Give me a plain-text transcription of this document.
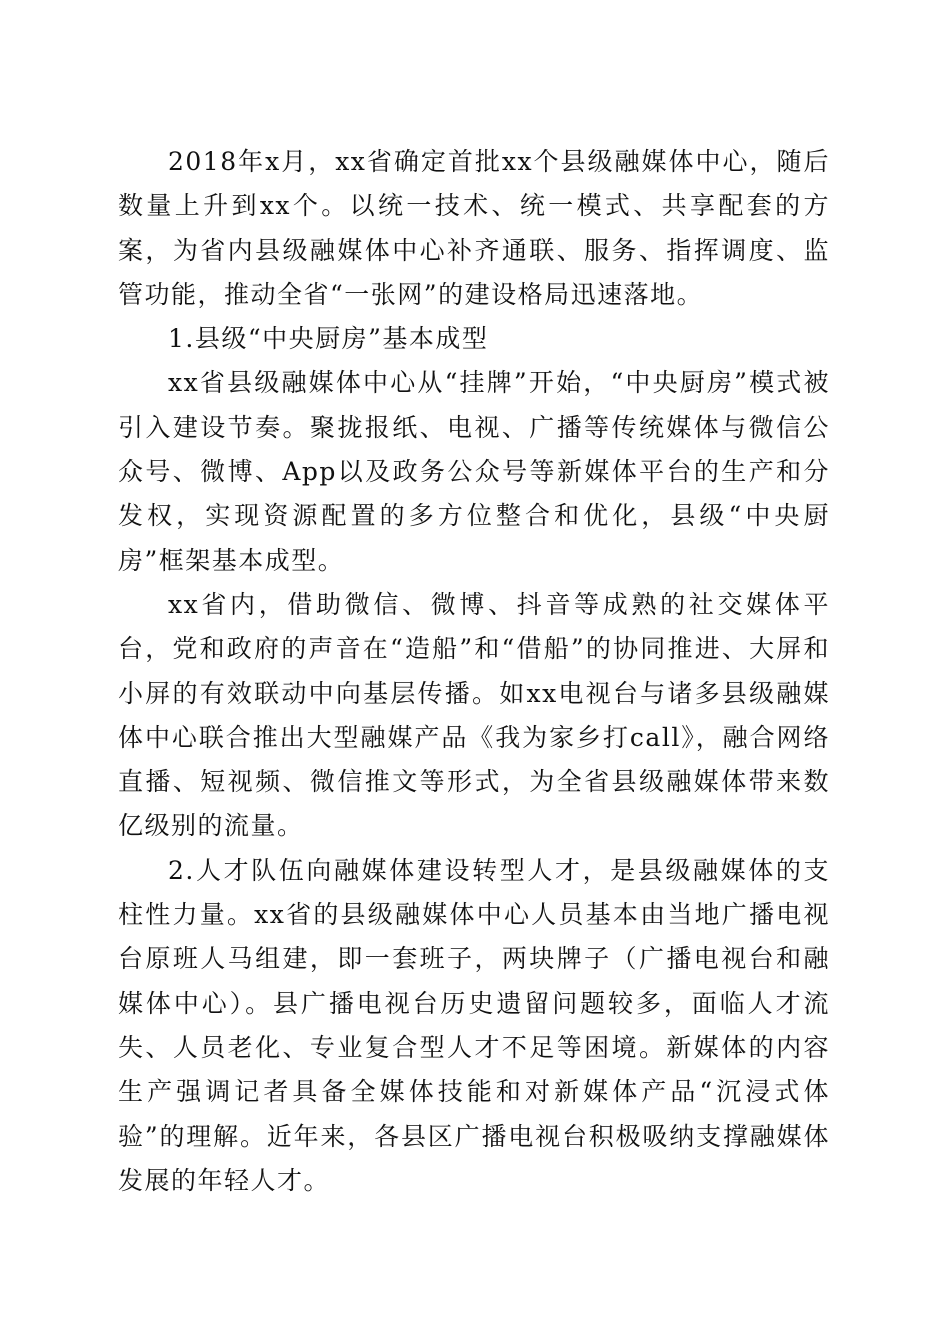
2018年x月，xx省确定首批xx个县级融媒体中心，随后数量上升到xx个。以统一技术、统一模式、共享配套的方案，为省内县级融媒体中心补齐通联、服务、指挥调度、监管功能，推动全省“一张网”的建设格局迅速落地。

1.县级“中央厨房”基本成型

xx省县级融媒体中心从“挂牌”开始，“中央厨房”模式被引入建设节奏。聚拢报纸、电视、广播等传统媒体与微信公众号、微博、App以及政务公众号等新媒体平台的生产和分发权，实现资源配置的多方位整合和优化，县级“中央厨房”框架基本成型。

xx省内，借助微信、微博、抖音等成熟的社交媒体平台，党和政府的声音在“造船”和“借船”的协同推进、大屏和小屏的有效联动中向基层传播。如xx电视台与诸多县级融媒体中心联合推出大型融媒产品《我为家乡打call》，融合网络直播、短视频、微信推文等形式，为全省县级融媒体带来数亿级别的流量。

2.人才队伍向融媒体建设转型人才，是县级融媒体的支柱性力量。xx省的县级融媒体中心人员基本由当地广播电视台原班人马组建，即一套班子，两块牌子（广播电视台和融媒体中心）。县广播电视台历史遗留问题较多，面临人才流失、人员老化、专业复合型人才不足等困境。新媒体的内容生产强调记者具备全媒体技能和对新媒体产品“沉浸式体验”的理解。近年来，各县区广播电视台积极吸纳支撑融媒体发展的年轻人才。
